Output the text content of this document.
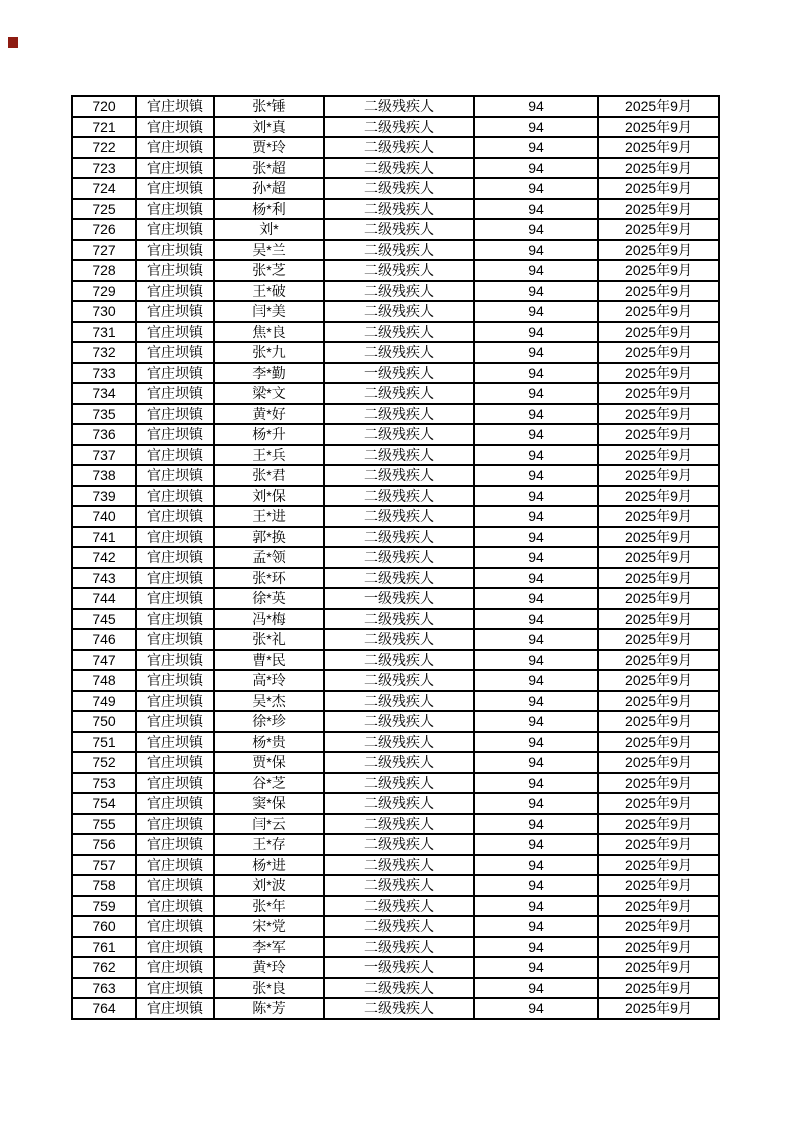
720	官庄坝镇	张*锤	二级残疾人	94	2025年9月
721	官庄坝镇	刘*真	二级残疾人	94	2025年9月
722	官庄坝镇	贾*玲	二级残疾人	94	2025年9月
723	官庄坝镇	张*超	二级残疾人	94	2025年9月
724	官庄坝镇	孙*超	二级残疾人	94	2025年9月
725	官庄坝镇	杨*利	二级残疾人	94	2025年9月
726	官庄坝镇	刘*	二级残疾人	94	2025年9月
727	官庄坝镇	吴*兰	二级残疾人	94	2025年9月
728	官庄坝镇	张*芝	二级残疾人	94	2025年9月
729	官庄坝镇	王*破	二级残疾人	94	2025年9月
730	官庄坝镇	闫*美	二级残疾人	94	2025年9月
731	官庄坝镇	焦*良	二级残疾人	94	2025年9月
732	官庄坝镇	张*九	二级残疾人	94	2025年9月
733	官庄坝镇	李*勤	一级残疾人	94	2025年9月
734	官庄坝镇	梁*文	二级残疾人	94	2025年9月
735	官庄坝镇	黄*好	二级残疾人	94	2025年9月
736	官庄坝镇	杨*升	二级残疾人	94	2025年9月
737	官庄坝镇	王*兵	二级残疾人	94	2025年9月
738	官庄坝镇	张*君	二级残疾人	94	2025年9月
739	官庄坝镇	刘*保	二级残疾人	94	2025年9月
740	官庄坝镇	王*进	二级残疾人	94	2025年9月
741	官庄坝镇	郭*换	二级残疾人	94	2025年9月
742	官庄坝镇	孟*领	二级残疾人	94	2025年9月
743	官庄坝镇	张*环	二级残疾人	94	2025年9月
744	官庄坝镇	徐*英	一级残疾人	94	2025年9月
745	官庄坝镇	冯*梅	二级残疾人	94	2025年9月
746	官庄坝镇	张*礼	二级残疾人	94	2025年9月
747	官庄坝镇	曹*民	二级残疾人	94	2025年9月
748	官庄坝镇	高*玲	二级残疾人	94	2025年9月
749	官庄坝镇	吴*杰	二级残疾人	94	2025年9月
750	官庄坝镇	徐*珍	二级残疾人	94	2025年9月
751	官庄坝镇	杨*贵	二级残疾人	94	2025年9月
752	官庄坝镇	贾*保	二级残疾人	94	2025年9月
753	官庄坝镇	谷*芝	二级残疾人	94	2025年9月
754	官庄坝镇	窦*保	二级残疾人	94	2025年9月
755	官庄坝镇	闫*云	二级残疾人	94	2025年9月
756	官庄坝镇	王*存	二级残疾人	94	2025年9月
757	官庄坝镇	杨*进	二级残疾人	94	2025年9月
758	官庄坝镇	刘*波	二级残疾人	94	2025年9月
759	官庄坝镇	张*年	二级残疾人	94	2025年9月
760	官庄坝镇	宋*党	二级残疾人	94	2025年9月
761	官庄坝镇	李*军	二级残疾人	94	2025年9月
762	官庄坝镇	黄*玲	一级残疾人	94	2025年9月
763	官庄坝镇	张*良	二级残疾人	94	2025年9月
764	官庄坝镇	陈*芳	二级残疾人	94	2025年9月
